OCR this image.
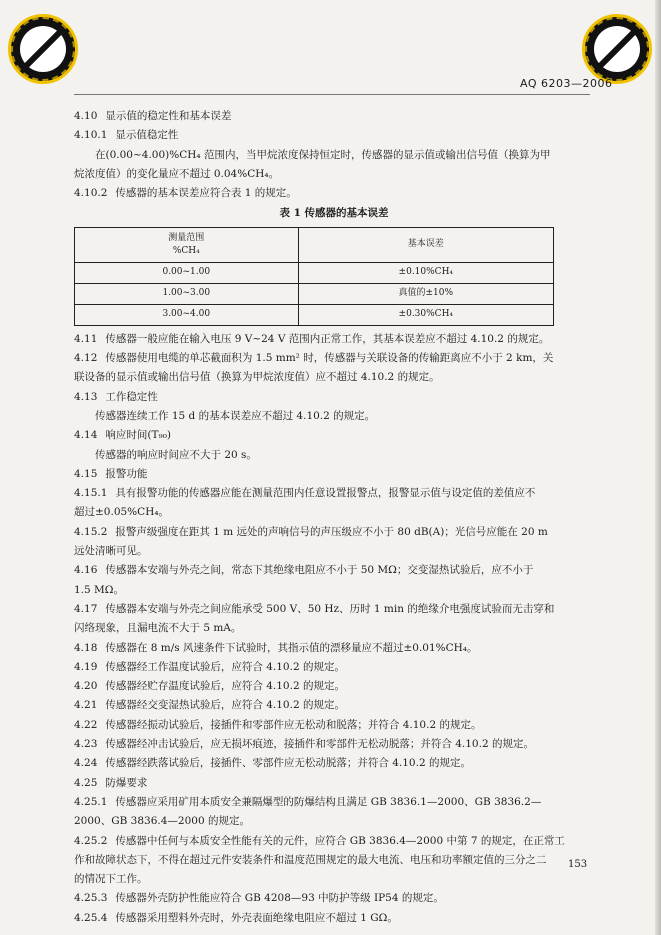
AQ 6203—2006
4.10 显示值的稳定性和基本误差
4.10.1 显示值稳定性
在(0.00~4.00)%CH₄ 范围内，当甲烷浓度保持恒定时，传感器的显示值或输出信号值（换算为甲
烷浓度值）的变化量应不超过 0.04%CH₄。
4.10.2 传感器的基本误差应符合表 1 的规定。
表 1 传感器的基本误差
测量范围
%CH₄	基本误差
0.00~1.00	±0.10%CH₄
1.00~3.00	真值的±10%
3.00~4.00	±0.30%CH₄
4.11 传感器一般应能在输入电压 9 V~24 V 范围内正常工作，其基本误差应不超过 4.10.2 的规定。
4.12 传感器使用电缆的单芯截面积为 1.5 mm² 时，传感器与关联设备的传输距离应不小于 2 km，关
联设备的显示值或输出信号值（换算为甲烷浓度值）应不超过 4.10.2 的规定。
4.13 工作稳定性
传感器连续工作 15 d 的基本误差应不超过 4.10.2 的规定。
4.14 响应时间(T₉₀)
传感器的响应时间应不大于 20 s。
4.15 报警功能
4.15.1 具有报警功能的传感器应能在测量范围内任意设置报警点，报警显示值与设定值的差值应不
超过±0.05%CH₄。
4.15.2 报警声级强度在距其 1 m 远处的声响信号的声压级应不小于 80 dB(A)；光信号应能在 20 m
远处清晰可见。
4.16 传感器本安端与外壳之间，常态下其绝缘电阻应不小于 50 MΩ；交变湿热试验后，应不小于
1.5 MΩ。
4.17 传感器本安端与外壳之间应能承受 500 V、50 Hz、历时 1 min 的绝缘介电强度试验而无击穿和
闪络现象，且漏电流不大于 5 mA。
4.18 传感器在 8 m/s 风速条件下试验时，其指示值的漂移量应不超过±0.01%CH₄。
4.19 传感器经工作温度试验后，应符合 4.10.2 的规定。
4.20 传感器经贮存温度试验后，应符合 4.10.2 的规定。
4.21 传感器经交变湿热试验后，应符合 4.10.2 的规定。
4.22 传感器经振动试验后，接插件和零部件应无松动和脱落；并符合 4.10.2 的规定。
4.23 传感器经冲击试验后，应无损坏痕迹，接插件和零部件无松动脱落；并符合 4.10.2 的规定。
4.24 传感器经跌落试验后，接插件、零部件应无松动脱落；并符合 4.10.2 的规定。
4.25 防爆要求
4.25.1 传感器应采用矿用本质安全兼隔爆型的防爆结构且满足 GB 3836.1—2000、GB 3836.2—
2000、GB 3836.4—2000 的规定。
4.25.2 传感器中任何与本质安全性能有关的元件，应符合 GB 3836.4—2000 中第 7 的规定，在正常工
作和故障状态下，不得在超过元件安装条件和温度范围规定的最大电流、电压和功率额定值的三分之二
的情况下工作。
4.25.3 传感器外壳防护性能应符合 GB 4208—93 中防护等级 IP54 的规定。
4.25.4 传感器采用塑料外壳时，外壳表面绝缘电阻应不超过 1 GΩ。
153
